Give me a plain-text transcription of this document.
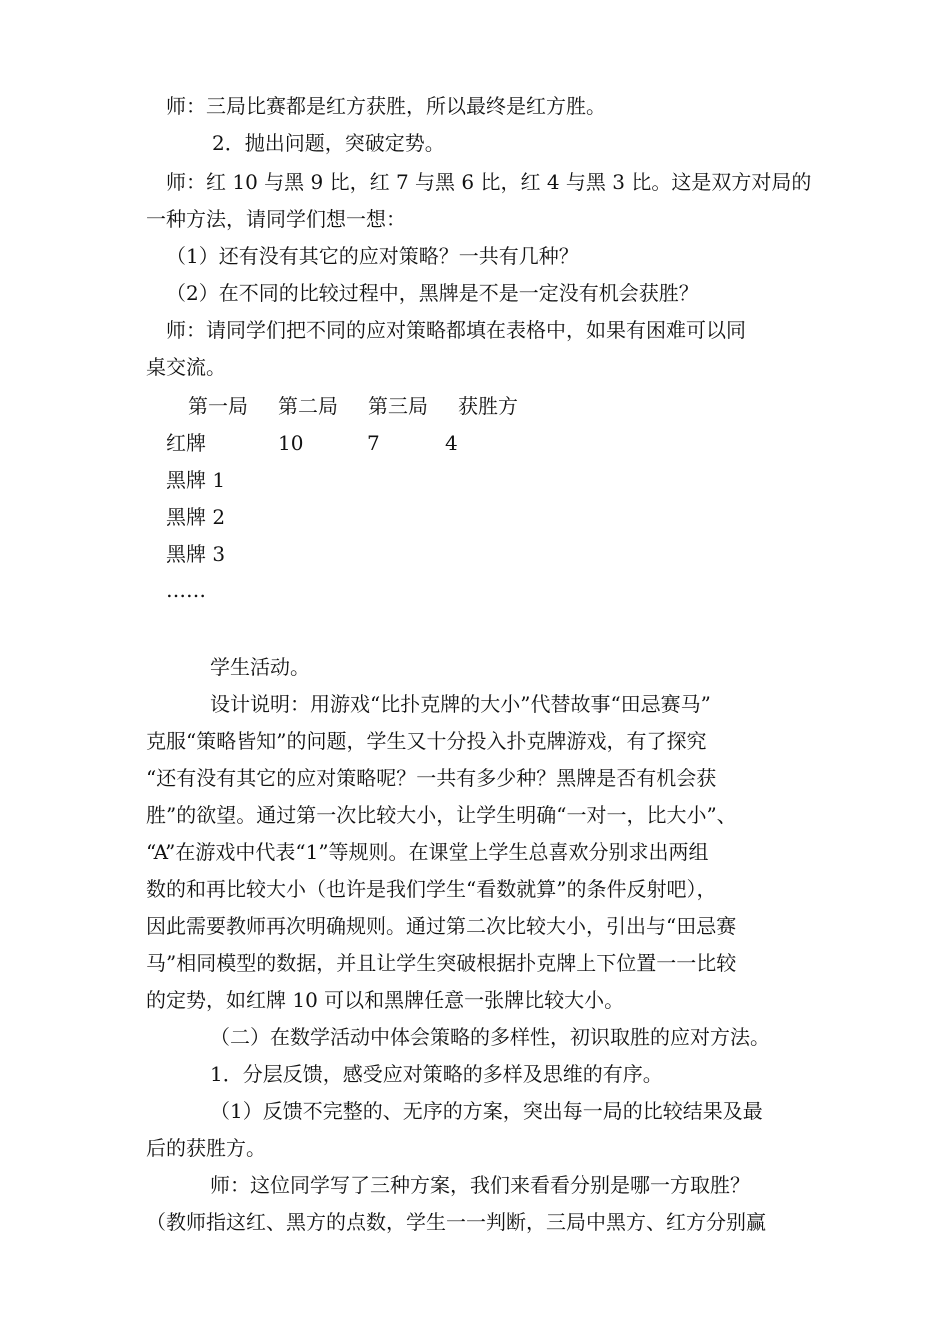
师：三局比赛都是红方获胜，所以最终是红方胜。
2．抛出问题，突破定势。
师：红 10 与黑 9 比，红 7 与黑 6 比，红 4 与黑 3 比。这是双方对局的
一种方法，请同学们想一想：
（1）还有没有其它的应对策略？一共有几种？
（2）在不同的比较过程中，黑牌是不是一定没有机会获胜？
师：请同学们把不同的应对策略都填在表格中，如果有困难可以同
桌交流。
第一局 第二局 第三局 获胜方
红牌	10	7	4
黑牌 1
黑牌 2
黑牌 3
……
学生活动。
设计说明：用游戏“比扑克牌的大小”代替故事“田忌赛马”
克服“策略皆知”的问题，学生又十分投入扑克牌游戏，有了探究
“还有没有其它的应对策略呢？一共有多少种？黑牌是否有机会获
胜”的欲望。通过第一次比较大小，让学生明确“一对一，比大小”、
“A”在游戏中代表“1”等规则。在课堂上学生总喜欢分别求出两组
数的和再比较大小（也许是我们学生“看数就算”的条件反射吧），
因此需要教师再次明确规则。通过第二次比较大小，引出与“田忌赛
马”相同模型的数据，并且让学生突破根据扑克牌上下位置一一比较
的定势，如红牌 10 可以和黑牌任意一张牌比较大小。
（二）在数学活动中体会策略的多样性，初识取胜的应对方法。
1．分层反馈，感受应对策略的多样及思维的有序。
（1）反馈不完整的、无序的方案，突出每一局的比较结果及最
后的获胜方。
师：这位同学写了三种方案，我们来看看分别是哪一方取胜？
（教师指这红、黑方的点数，学生一一判断，三局中黑方、红方分别赢
